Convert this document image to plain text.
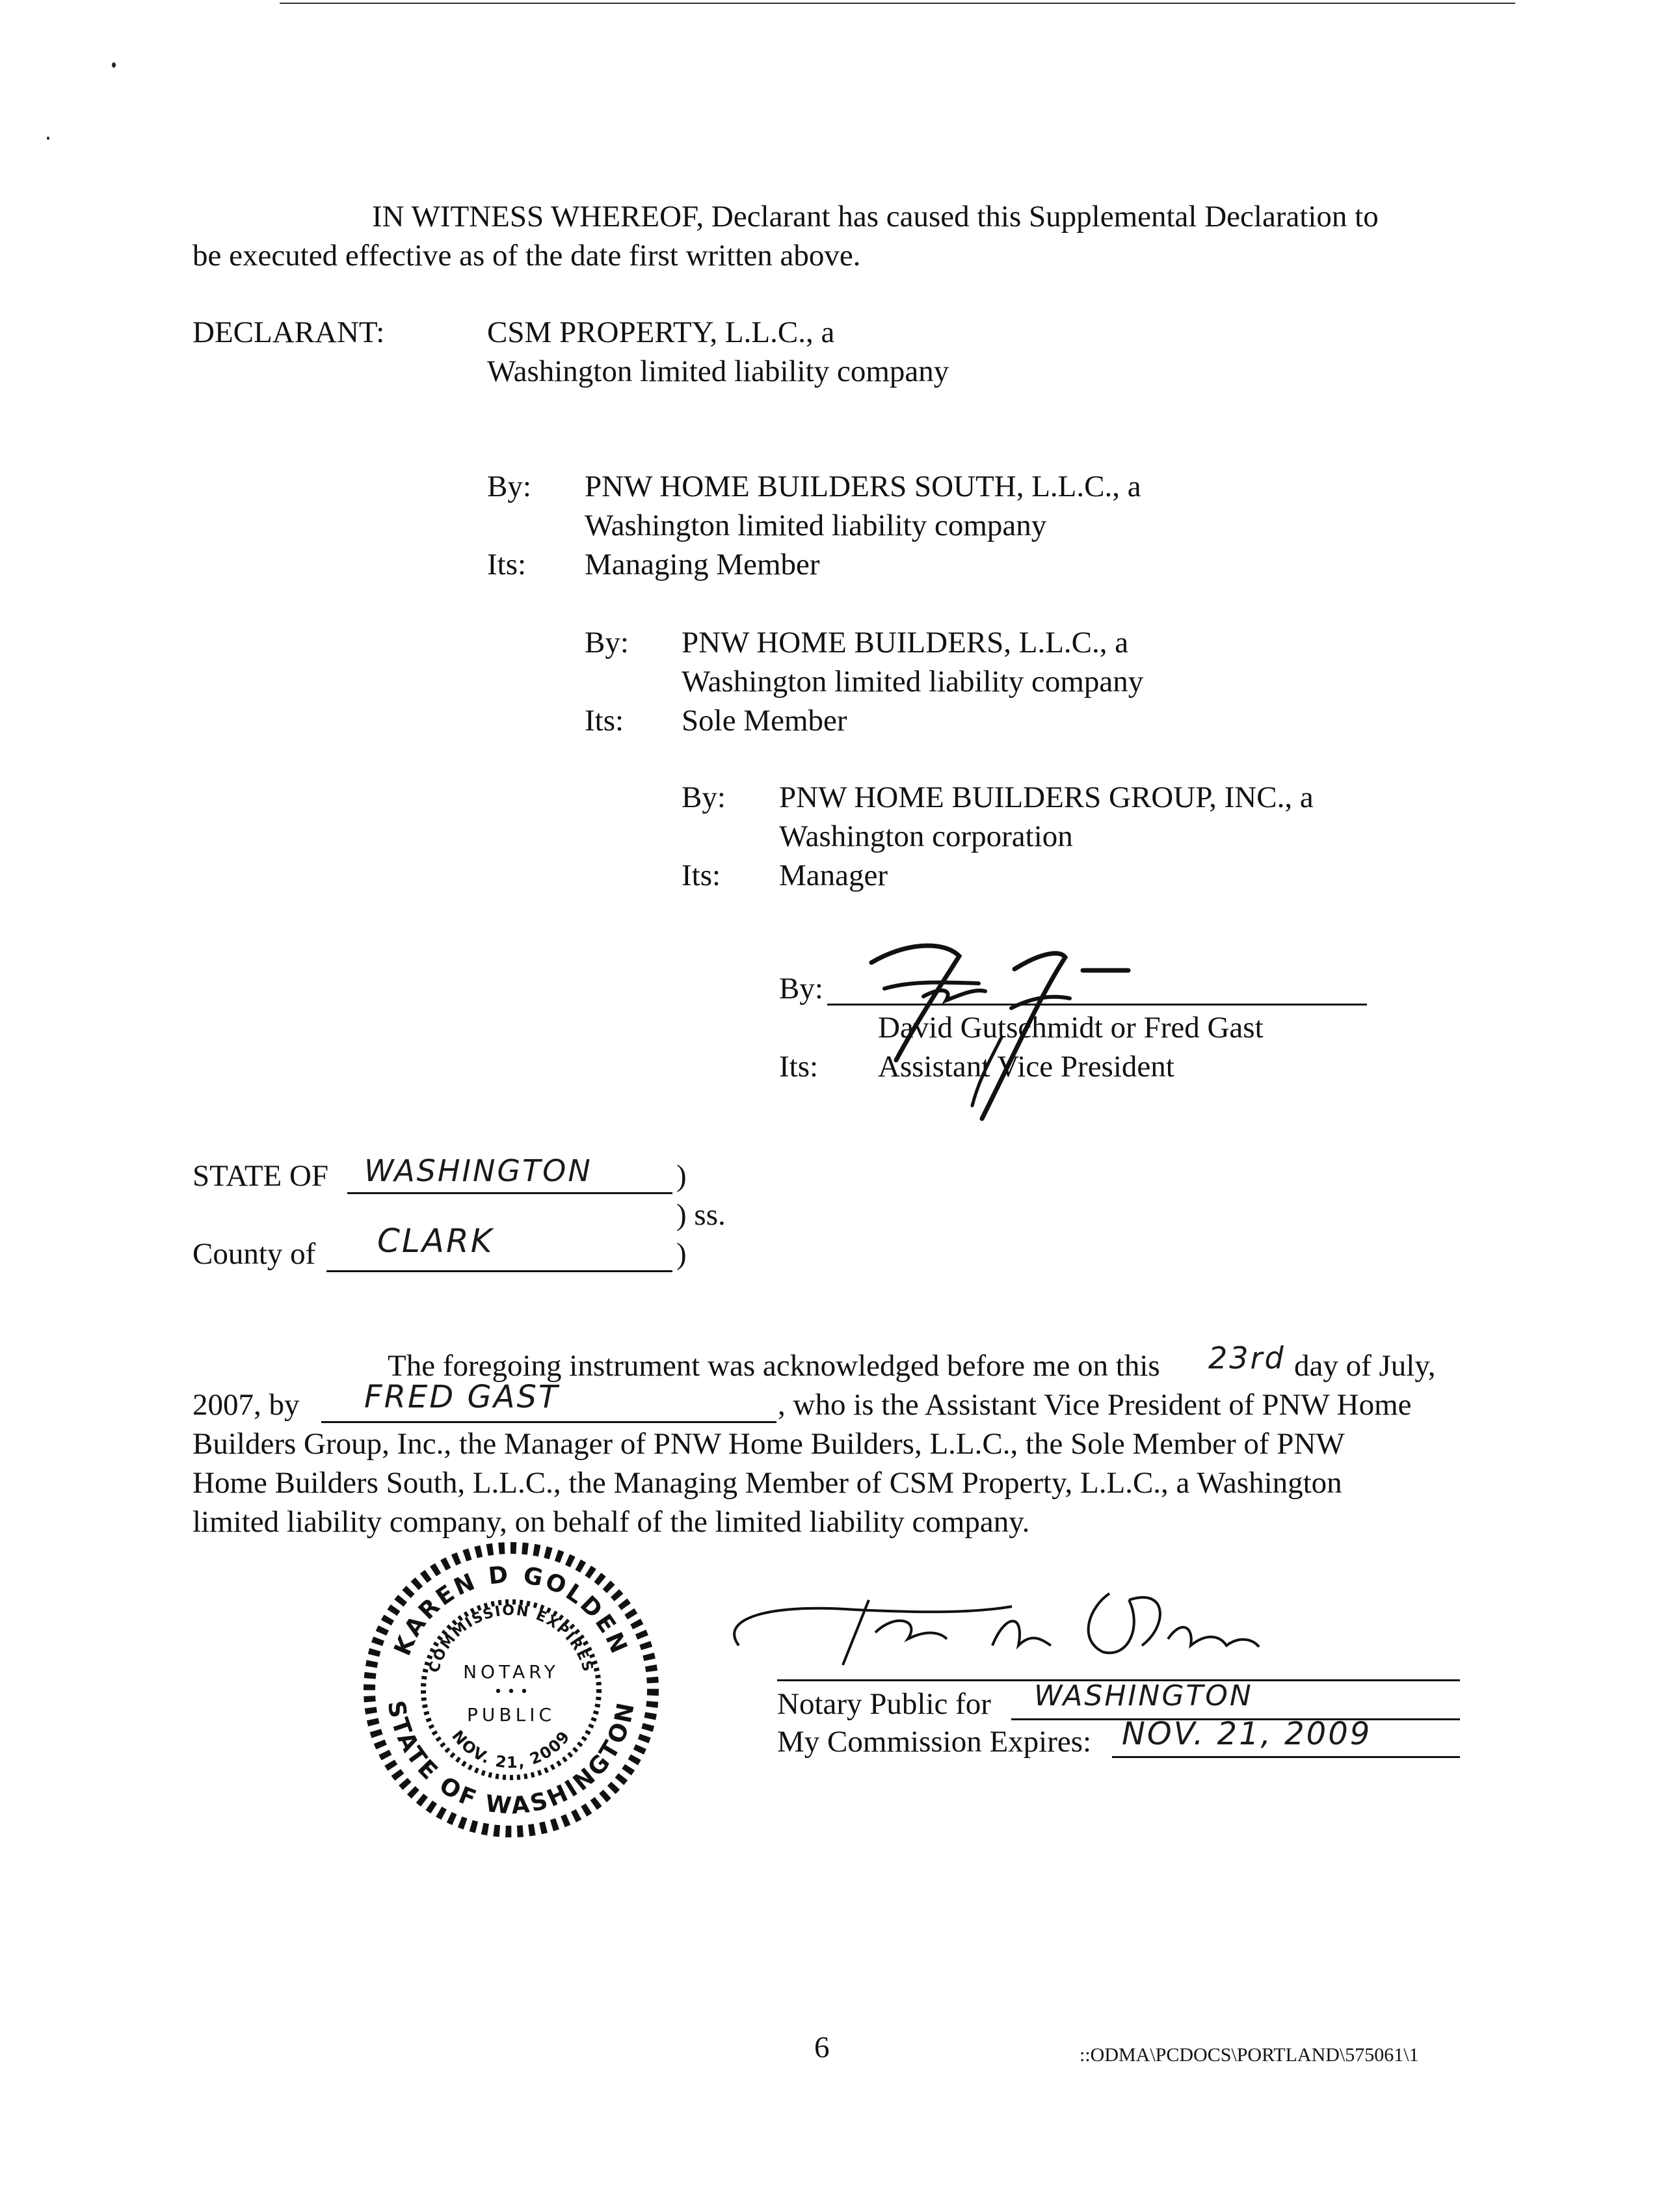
IN WITNESS WHEREOF, Declarant has caused this Supplemental Declaration to
be executed effective as of the date first written above.
DECLARANT:	CSM PROPERTY, L.L.C., a
Washington limited liability company
By: PNW HOME BUILDERS SOUTH, L.L.C., a
Washington limited liability company
Its: Managing Member
By: PNW HOME BUILDERS, L.L.C., a
Washington limited liability company
Its: Sole Member
By: PNW HOME BUILDERS GROUP, INC., a
Washington corporation
Its: Manager
By:
David Gutschmidt or Fred Gast
Its: Assistant Vice President
STATE OF WASHINGTON	)
) ss.
County of CLARK	)
The foregoing instrument was acknowledged before me on this 23rd day of July,
2007, by FRED GAST	, who is the Assistant Vice President of PNW Home
Builders Group, Inc., the Manager of PNW Home Builders, L.L.C., the Sole Member of PNW
Home Builders South, L.L.C., the Managing Member of CSM Property, L.L.C., a Washington
limited liability company, on behalf of the limited liability company.
KAREN D GOLDEN
STATE OF WASHINGTON
COMMISSION EXPIRES
NOV. 21, 2009
NOTARY
• • •
PUBLIC	Notary Public for WASHINGTON
My Commission Expires: NOV. 21, 2009
6	::ODMA\PCDOCS\PORTLAND\575061\1
